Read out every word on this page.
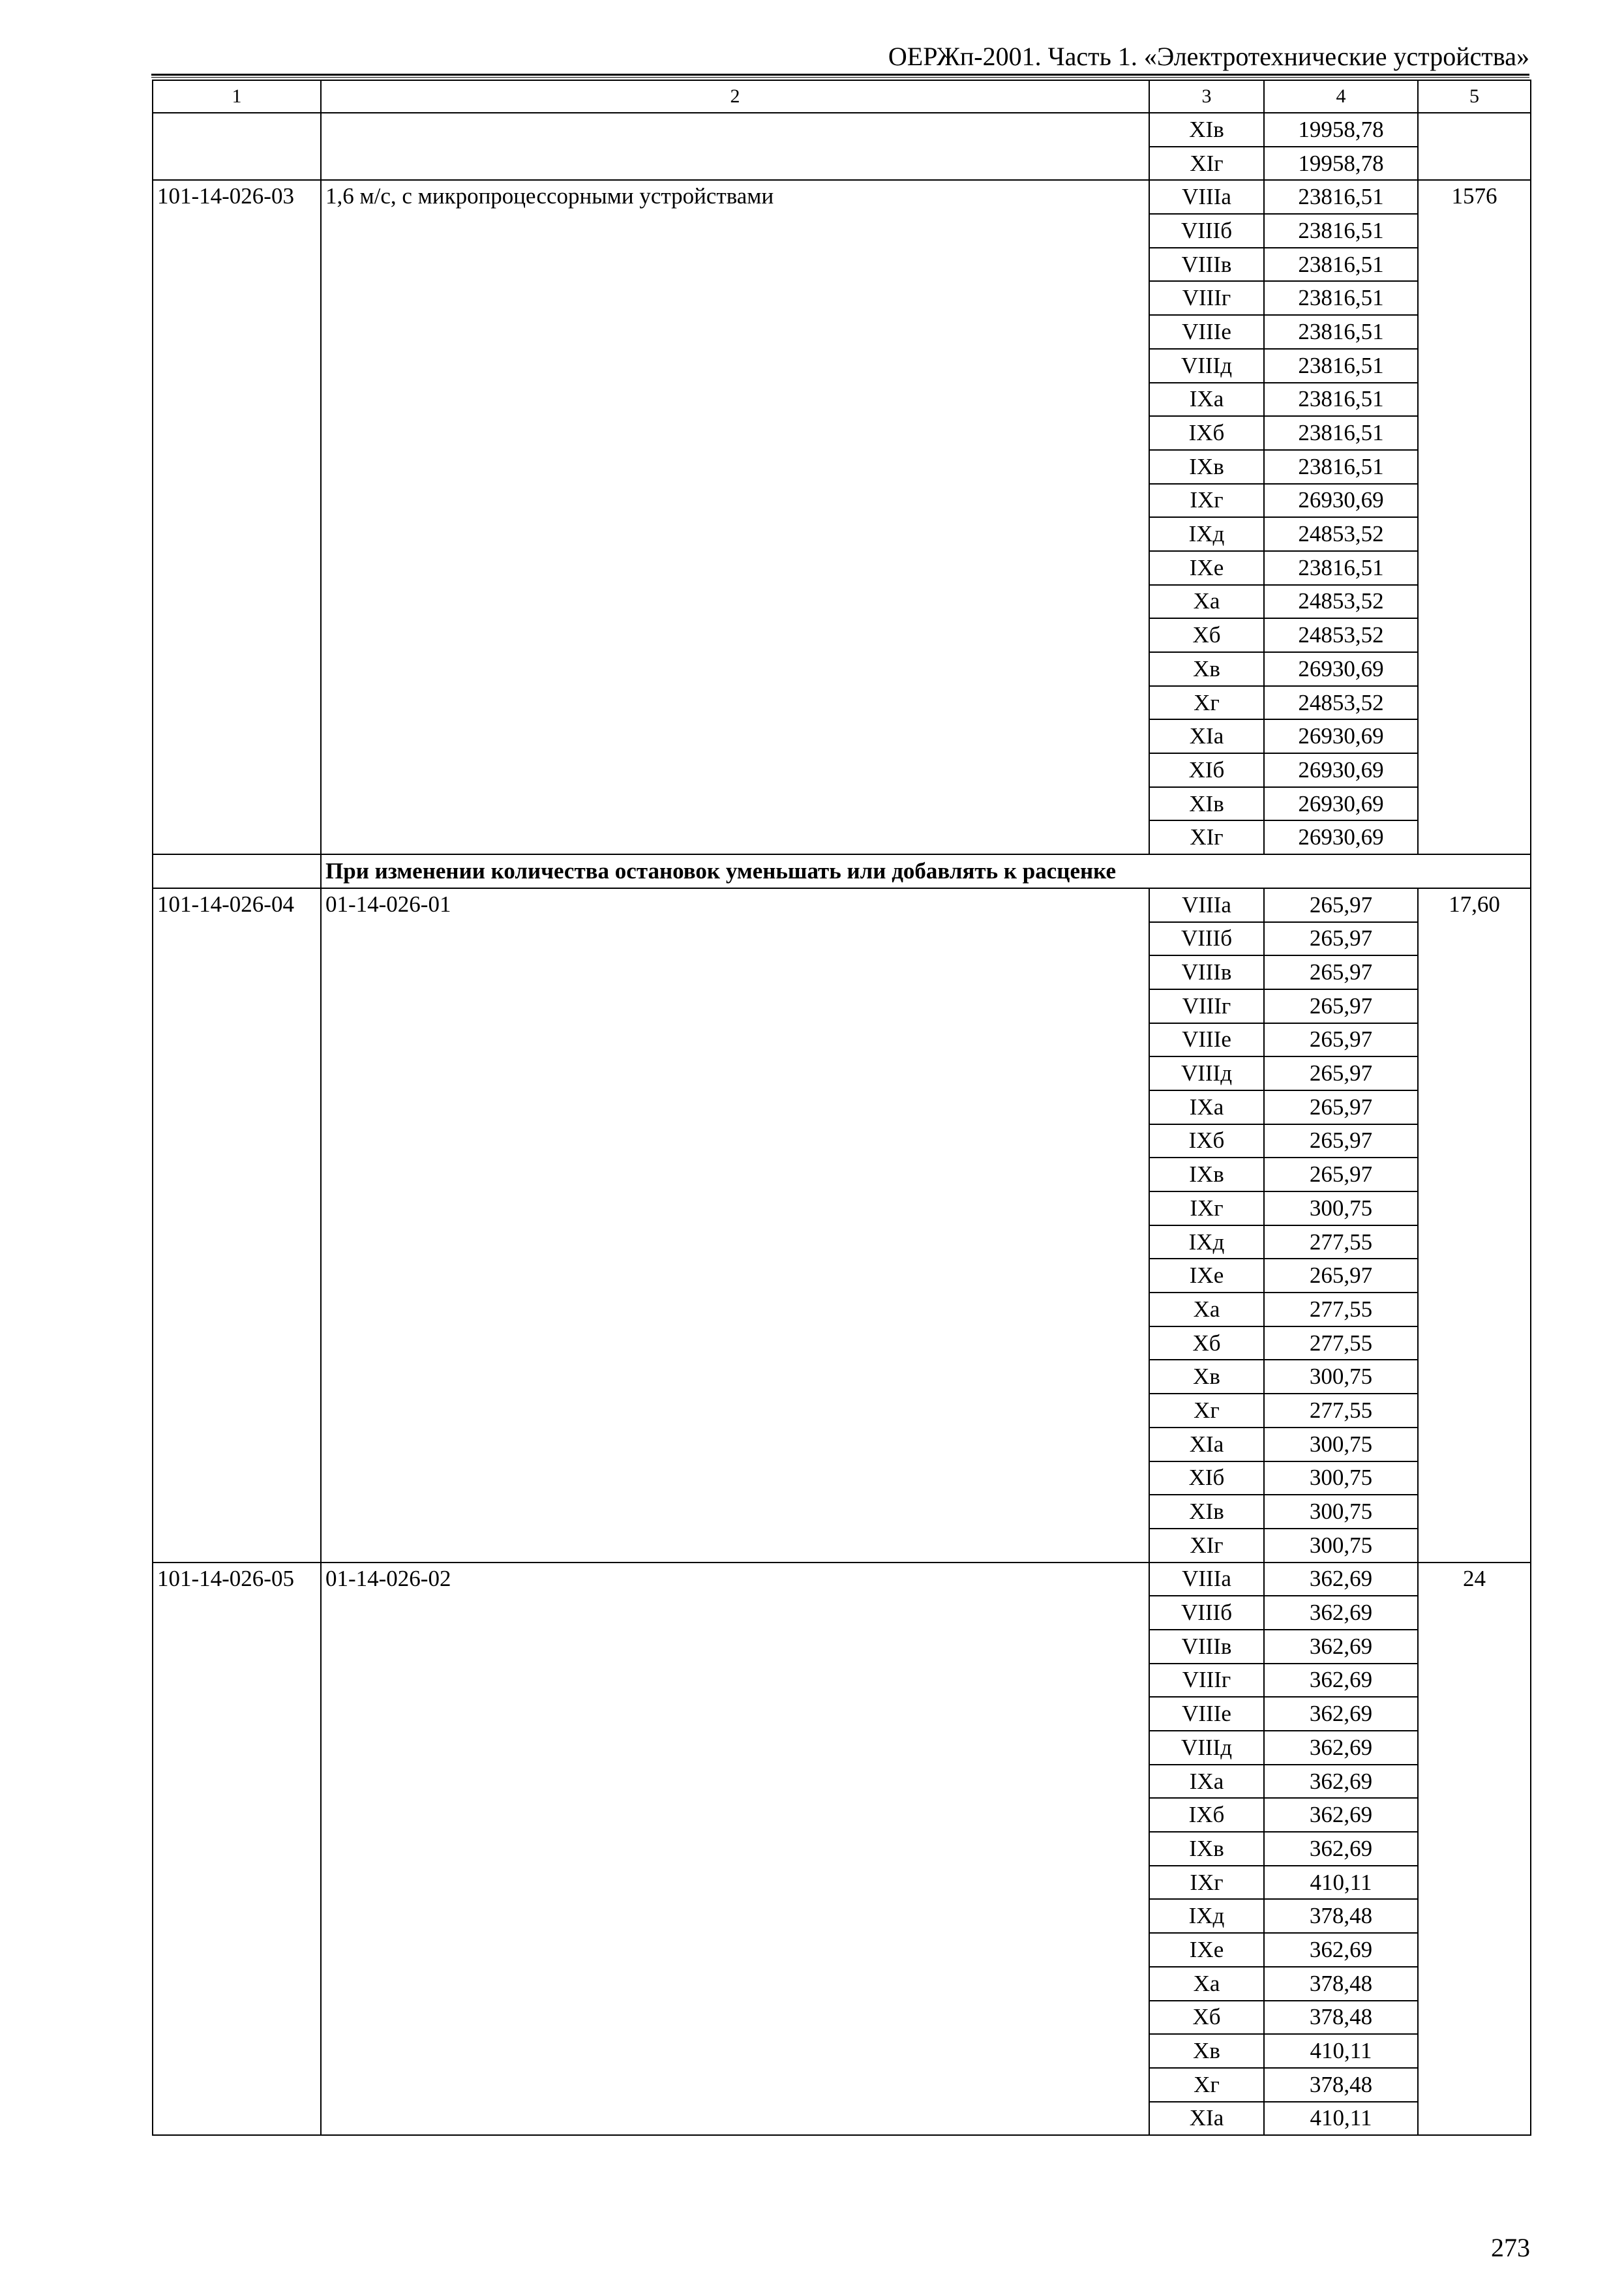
ОЕРЖп-2001. Часть 1. «Электротехнические устройства»
1	2	3	4	5
		XIв	19958,78	
		XIг	19958,78	
101-14-026-03	1,6 м/с, с микропроцессорными устройствами	VIIIа	23816,51	1576
		VIIIб	23816,51	
		VIIIв	23816,51	
		VIIIг	23816,51	
		VIIIе	23816,51	
		VIIIд	23816,51	
		IXа	23816,51	
		IXб	23816,51	
		IXв	23816,51	
		IXг	26930,69	
		IXд	24853,52	
		IXе	23816,51	
		Xа	24853,52	
		Xб	24853,52	
		Xв	26930,69	
		Xг	24853,52	
		XIа	26930,69	
		XIб	26930,69	
		XIв	26930,69	
		XIг	26930,69	
	При изменении количества остановок уменьшать или добавлять к расценке			
101-14-026-04	01-14-026-01	VIIIа	265,97	17,60
		VIIIб	265,97	
		VIIIв	265,97	
		VIIIг	265,97	
		VIIIе	265,97	
		VIIIд	265,97	
		IXа	265,97	
		IXб	265,97	
		IXв	265,97	
		IXг	300,75	
		IXд	277,55	
		IXе	265,97	
		Xа	277,55	
		Xб	277,55	
		Xв	300,75	
		Xг	277,55	
		XIа	300,75	
		XIб	300,75	
		XIв	300,75	
		XIг	300,75	
101-14-026-05	01-14-026-02	VIIIа	362,69	24
		VIIIб	362,69	
		VIIIв	362,69	
		VIIIг	362,69	
		VIIIе	362,69	
		VIIIд	362,69	
		IXа	362,69	
		IXб	362,69	
		IXв	362,69	
		IXг	410,11	
		IXд	378,48	
		IXе	362,69	
		Xа	378,48	
		Xб	378,48	
		Xв	410,11	
		Xг	378,48	
		XIа	410,11	
273
